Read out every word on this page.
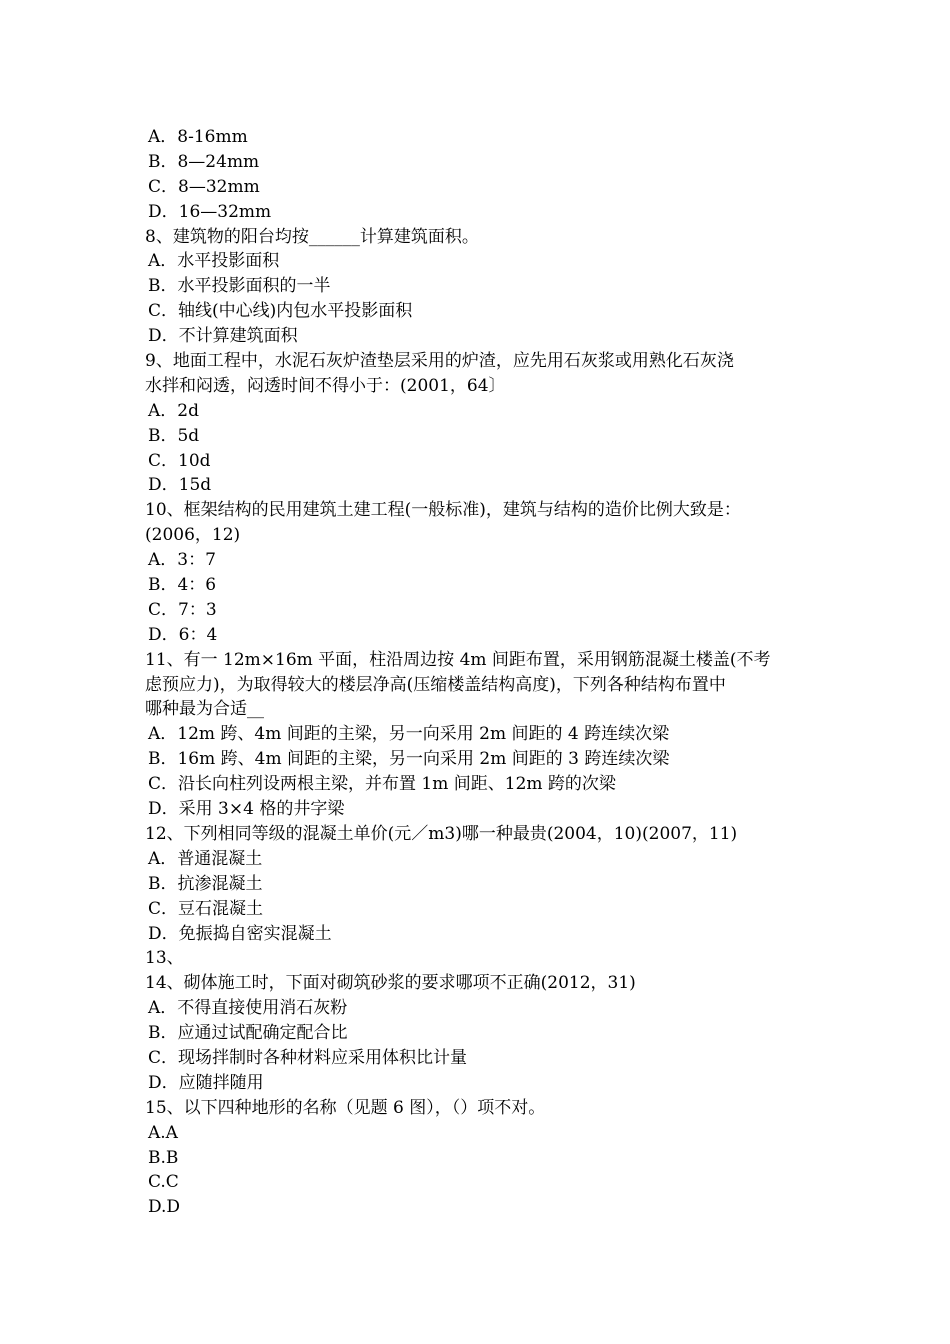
A．8-16mm
B．8—24mm
C．8—32mm
D．16—32mm
8、建筑物的阳台均按______计算建筑面积。
A．水平投影面积
B．水平投影面积的一半
C．轴线(中心线)内包水平投影面积
D．不计算建筑面积
9、地面工程中，水泥石灰炉渣垫层采用的炉渣，应先用石灰浆或用熟化石灰浇
水拌和闷透，闷透时间不得小于：(2001，64〕
A．2d
B．5d
C．10d
D．15d
10、框架结构的民用建筑土建工程(一般标准)，建筑与结构的造价比例大致是：
(2006，12)
A．3：7
B．4：6
C．7：3
D．6：4
11、有一 12m×16m 平面，柱沿周边按 4m 间距布置，采用钢筋混凝土楼盖(不考
虑预应力)，为取得较大的楼层净高(压缩楼盖结构高度)，下列各种结构布置中
哪种最为合适__
A．12m 跨、4m 间距的主梁，另一向采用 2m 间距的 4 跨连续次梁
B．16m 跨、4m 间距的主梁，另一向采用 2m 间距的 3 跨连续次梁
C．沿长向柱列设两根主梁，并布置 1m 间距、12m 跨的次梁
D．采用 3×4 格的井字梁
12、下列相同等级的混凝土单价(元／m3)哪一种最贵(2004，10)(2007，11)
A．普通混凝土
B．抗渗混凝土
C．豆石混凝土
D．免振捣自密实混凝土
13、
14、砌体施工时，下面对砌筑砂浆的要求哪项不正确(2012，31)
A．不得直接使用消石灰粉
B．应通过试配确定配合比
C．现场拌制时各种材料应采用体积比计量
D．应随拌随用
15、以下四种地形的名称（见题 6 图），（）项不对。
A.A
B.B
C.C
D.D
